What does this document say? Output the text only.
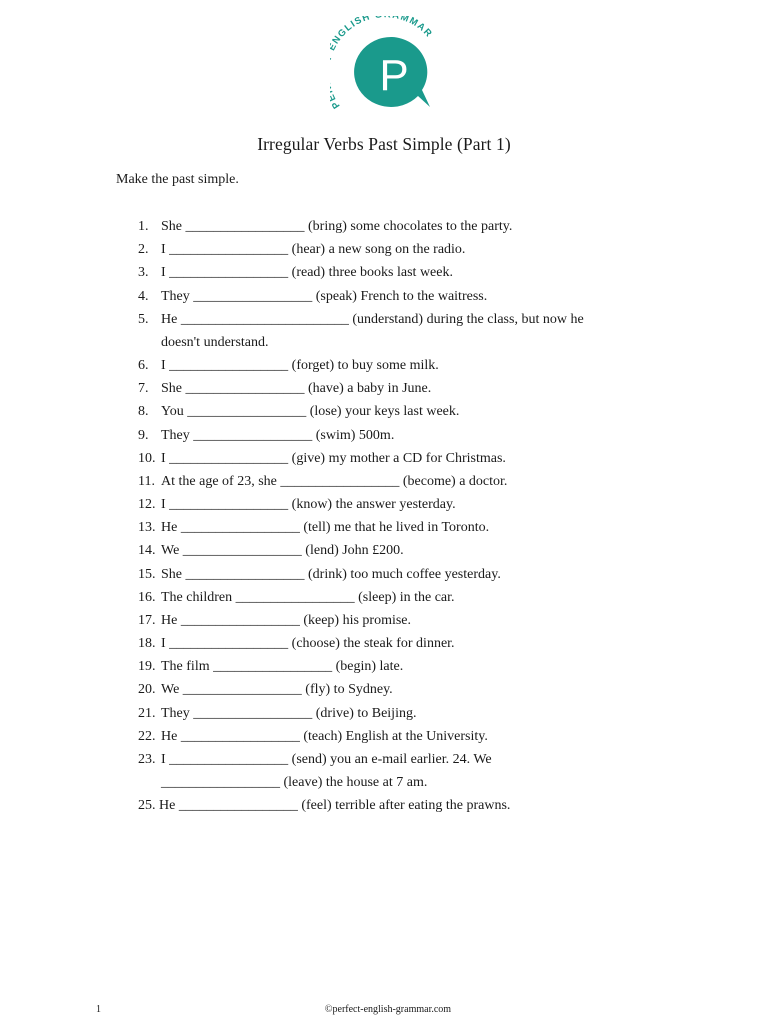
P NGLISH MMAR
P
Irregular Verbs Past Simple (Part 1)
Make the past simple.
1. She _________________ (bring) some chocolates to the party.
2. I _________________ (hear) a new song on the radio.
3. I _________________ (read) three books last week.
4. They _________________ (speak) French to the waitress.
5. He ________________________ (understand) during the class, but now he
doesn't understand.
6. I _________________ (forget) to buy some milk.
7. She _________________ (have) a baby in June.
8. You _________________ (lose) your keys last week.
9. They _________________ (swim) 500m.
10. I _________________ (give) my mother a CD for Christmas.
11. At the age of 23, she _________________ (become) a doctor.
12. I _________________ (know) the answer yesterday.
13. He _________________ (tell) me that he lived in Toronto.
14. We _________________ (lend) John £200.
15. She _________________ (drink) too much coffee yesterday.
16. The children _________________ (sleep) in the car.
17. He _________________ (keep) his promise.
18. I _________________ (choose) the steak for dinner.
19. The film _________________ (begin) late.
20. We _________________ (fly) to Sydney.
21. They _________________ (drive) to Beijing.
22. He _________________ (teach) English at the University.
23. I _________________ (send) you an e-mail earlier. 24. We
_________________ (leave) the house at 7 am.
25. He _________________ (feel) terrible after eating the prawns.
1	©perfect-english-grammar.com
